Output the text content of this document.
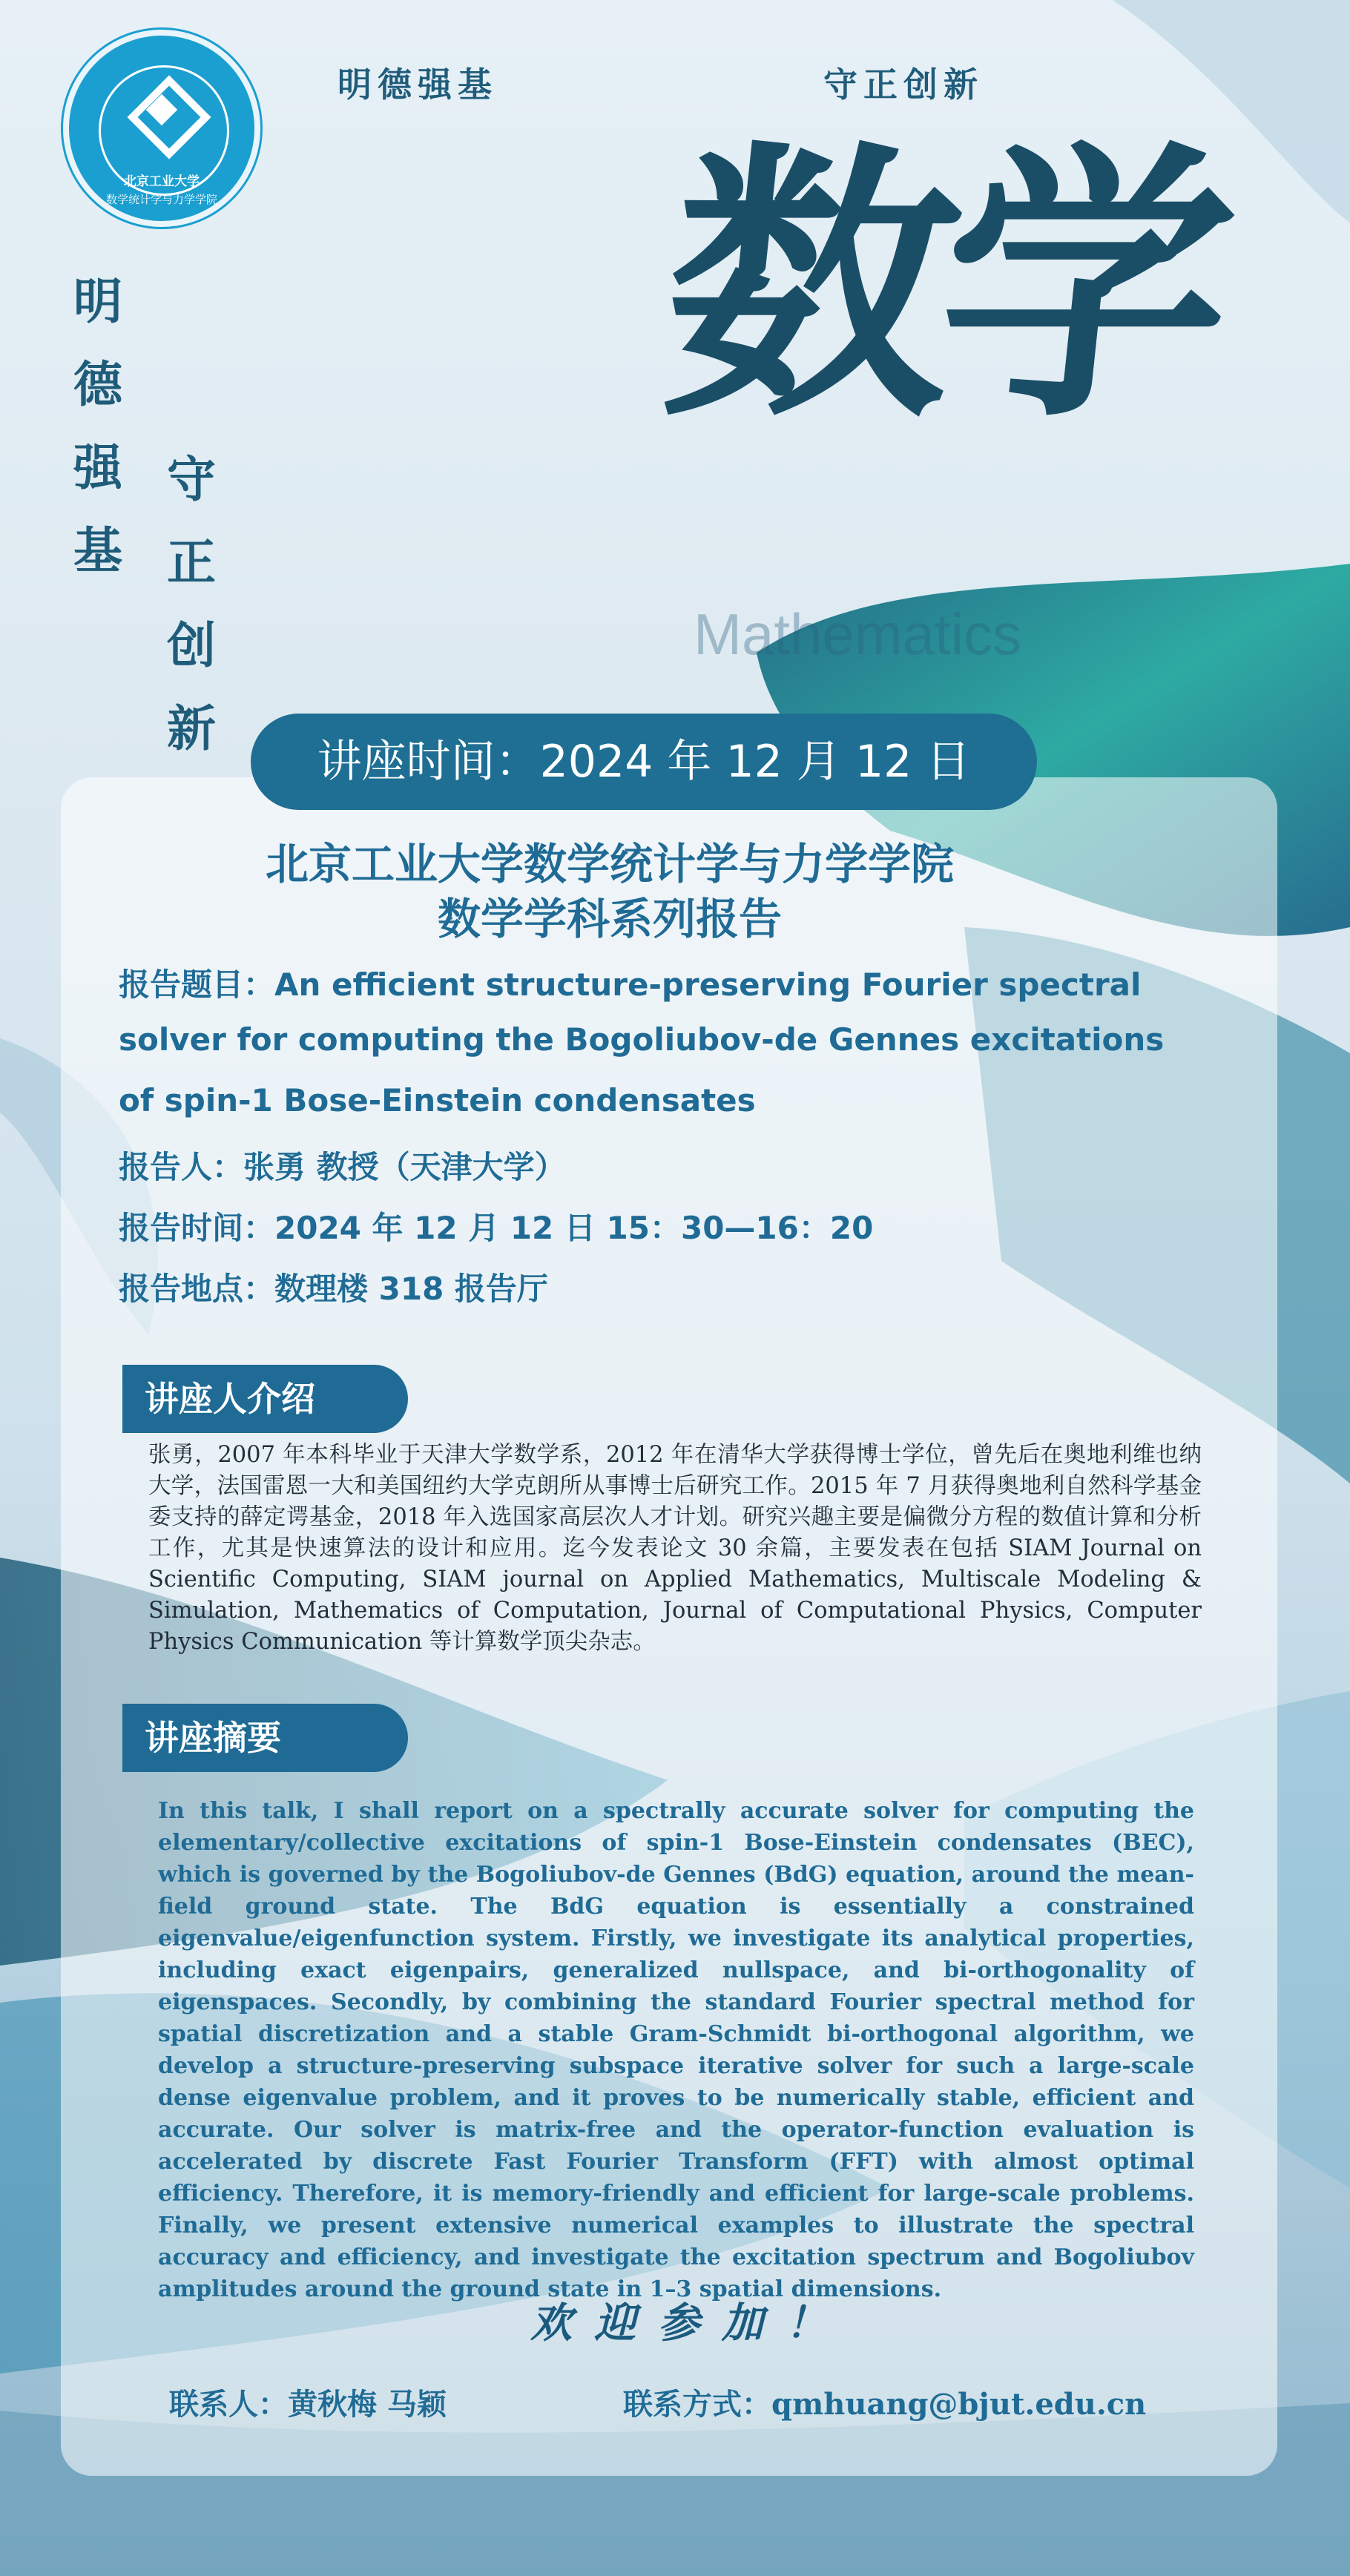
北京工业大学
数学统计学与力学学院
明德强基	守正创新
明德强基
守正创新
数学
Mathematics
讲座时间：2024 年 12 月 12 日
北京工业大学数学统计学与力学学院
数学学科系列报告
报告题目：An efficient structure-preserving Fourier spectral
solver for computing the Bogoliubov-de Gennes excitations
of spin-1 Bose-Einstein condensates
报告人：张勇 教授（天津大学）
报告时间：2024 年 12 月 12 日 15：30—16：20
报告地点：数理楼 318 报告厅
讲座人介绍
张勇，2007 年本科毕业于天津大学数学系，2012 年在清华大学获得博士学位，曾先后在奥地利维也纳大学，法国雷恩一大和美国纽约大学克朗所从事博士后研究工作。2015 年 7 月获得奥地利自然科学基金委支持的薛定谔基金，2018 年入选国家高层次人才计划。研究兴趣主要是偏微分方程的数值计算和分析工作，尤其是快速算法的设计和应用。迄今发表论文 30 余篇，主要发表在包括 SIAM Journal on Scientific Computing, SIAM journal on Applied Mathematics, Multiscale Modeling & Simulation, Mathematics of Computation, Journal of Computational Physics, Computer Physics Communication 等计算数学顶尖杂志。
讲座摘要
In this talk, I shall report on a spectrally accurate solver for computing the elementary/collective excitations of spin-1 Bose-Einstein condensates (BEC), which is governed by the Bogoliubov-de Gennes (BdG) equation, around the mean-field ground state. The BdG equation is essentially a constrained eigenvalue/eigenfunction system. Firstly, we investigate its analytical properties, including exact eigenpairs, generalized nullspace, and bi-orthogonality of eigenspaces. Secondly, by combining the standard Fourier spectral method for spatial discretization and a stable Gram-Schmidt bi-orthogonal algorithm, we develop a structure-preserving subspace iterative solver for such a large-scale dense eigenvalue problem, and it proves to be numerically stable, efficient and accurate. Our solver is matrix-free and the operator-function evaluation is accelerated by discrete Fast Fourier Transform (FFT) with almost optimal efficiency. Therefore, it is memory-friendly and efficient for large-scale problems. Finally, we present extensive numerical examples to illustrate the spectral accuracy and efficiency, and investigate the excitation spectrum and Bogoliubov amplitudes around the ground state in 1–3 spatial dimensions.
欢迎参加！
联系人：黄秋梅 马颖	联系方式：qmhuang@bjut.edu.cn
